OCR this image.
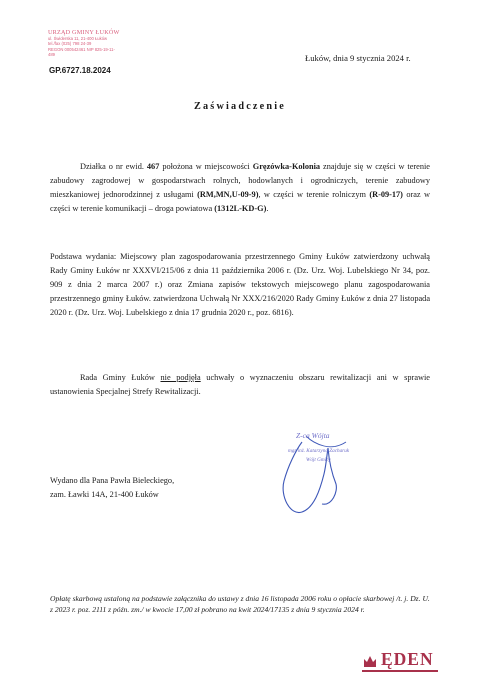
URZĄD GMINY ŁUKÓW
ul. Świderska 11, 21-400 Łuków
tel./fax (025) 798 24-39
REGON 000542461 NIP 825-19-11-489
GP.6727.18.2024
Łuków, dnia 9 stycznia 2024 r.
Zaświadczenie

Działka o nr ewid. 467 położona w miejscowości Gręzówka-Kolonia znajduje się w części w terenie zabudowy zagrodowej w gospodarstwach rolnych, hodowlanych i ogrodniczych, terenie zabudowy mieszkaniowej jednorodzinnej z usługami (RM,MN,U-09-9), w części w terenie rolniczym (R-09-17) oraz w części w terenie komunikacji – droga powiatowa (1312L-KD-G).

Podstawa wydania: Miejscowy plan zagospodarowania przestrzennego Gminy Łuków zatwierdzony uchwałą Rady Gminy Łuków nr XXXVI/215/06 z dnia 11 października 2006 r. (Dz. Urz. Woj. Lubelskiego Nr 34, poz. 909 z dnia 2 marca 2007 r.) oraz Zmiana zapisów tekstowych miejscowego planu zagospodarowania przestrzennego gminy Łuków. zatwierdzona Uchwałą Nr XXX/216/2020 Rady Gminy Łuków z dnia 27 listopada 2020 r. (Dz. Urz. Woj. Lubelskiego z dnia 17 grudnia 2020 r., poz. 6816).

Rada Gminy Łuków nie podjęła uchwały o wyznaczeniu obszaru rewitalizacji ani w sprawie ustanowienia Specjalnej Strefy Rewitalizacji.

Z-ca Wójta
mgr inż. Katarzyna Zacharuk
Wójt Gminy
Wydano dla Pana Pawła Bieleckiego,
zam. Ławki 14A, 21-400 Łuków

Opłatę skarbową ustaloną na podstawie załącznika do ustawy z dnia 16 listopada 2006 roku o opłacie skarbowej /t. j. Dz. U. z 2023 r. poz. 2111 z późn. zm./ w kwocie 17,00 zł pobrano na kwit 2024/17135 z dnia 9 stycznia 2024 r.

ĘDEN
